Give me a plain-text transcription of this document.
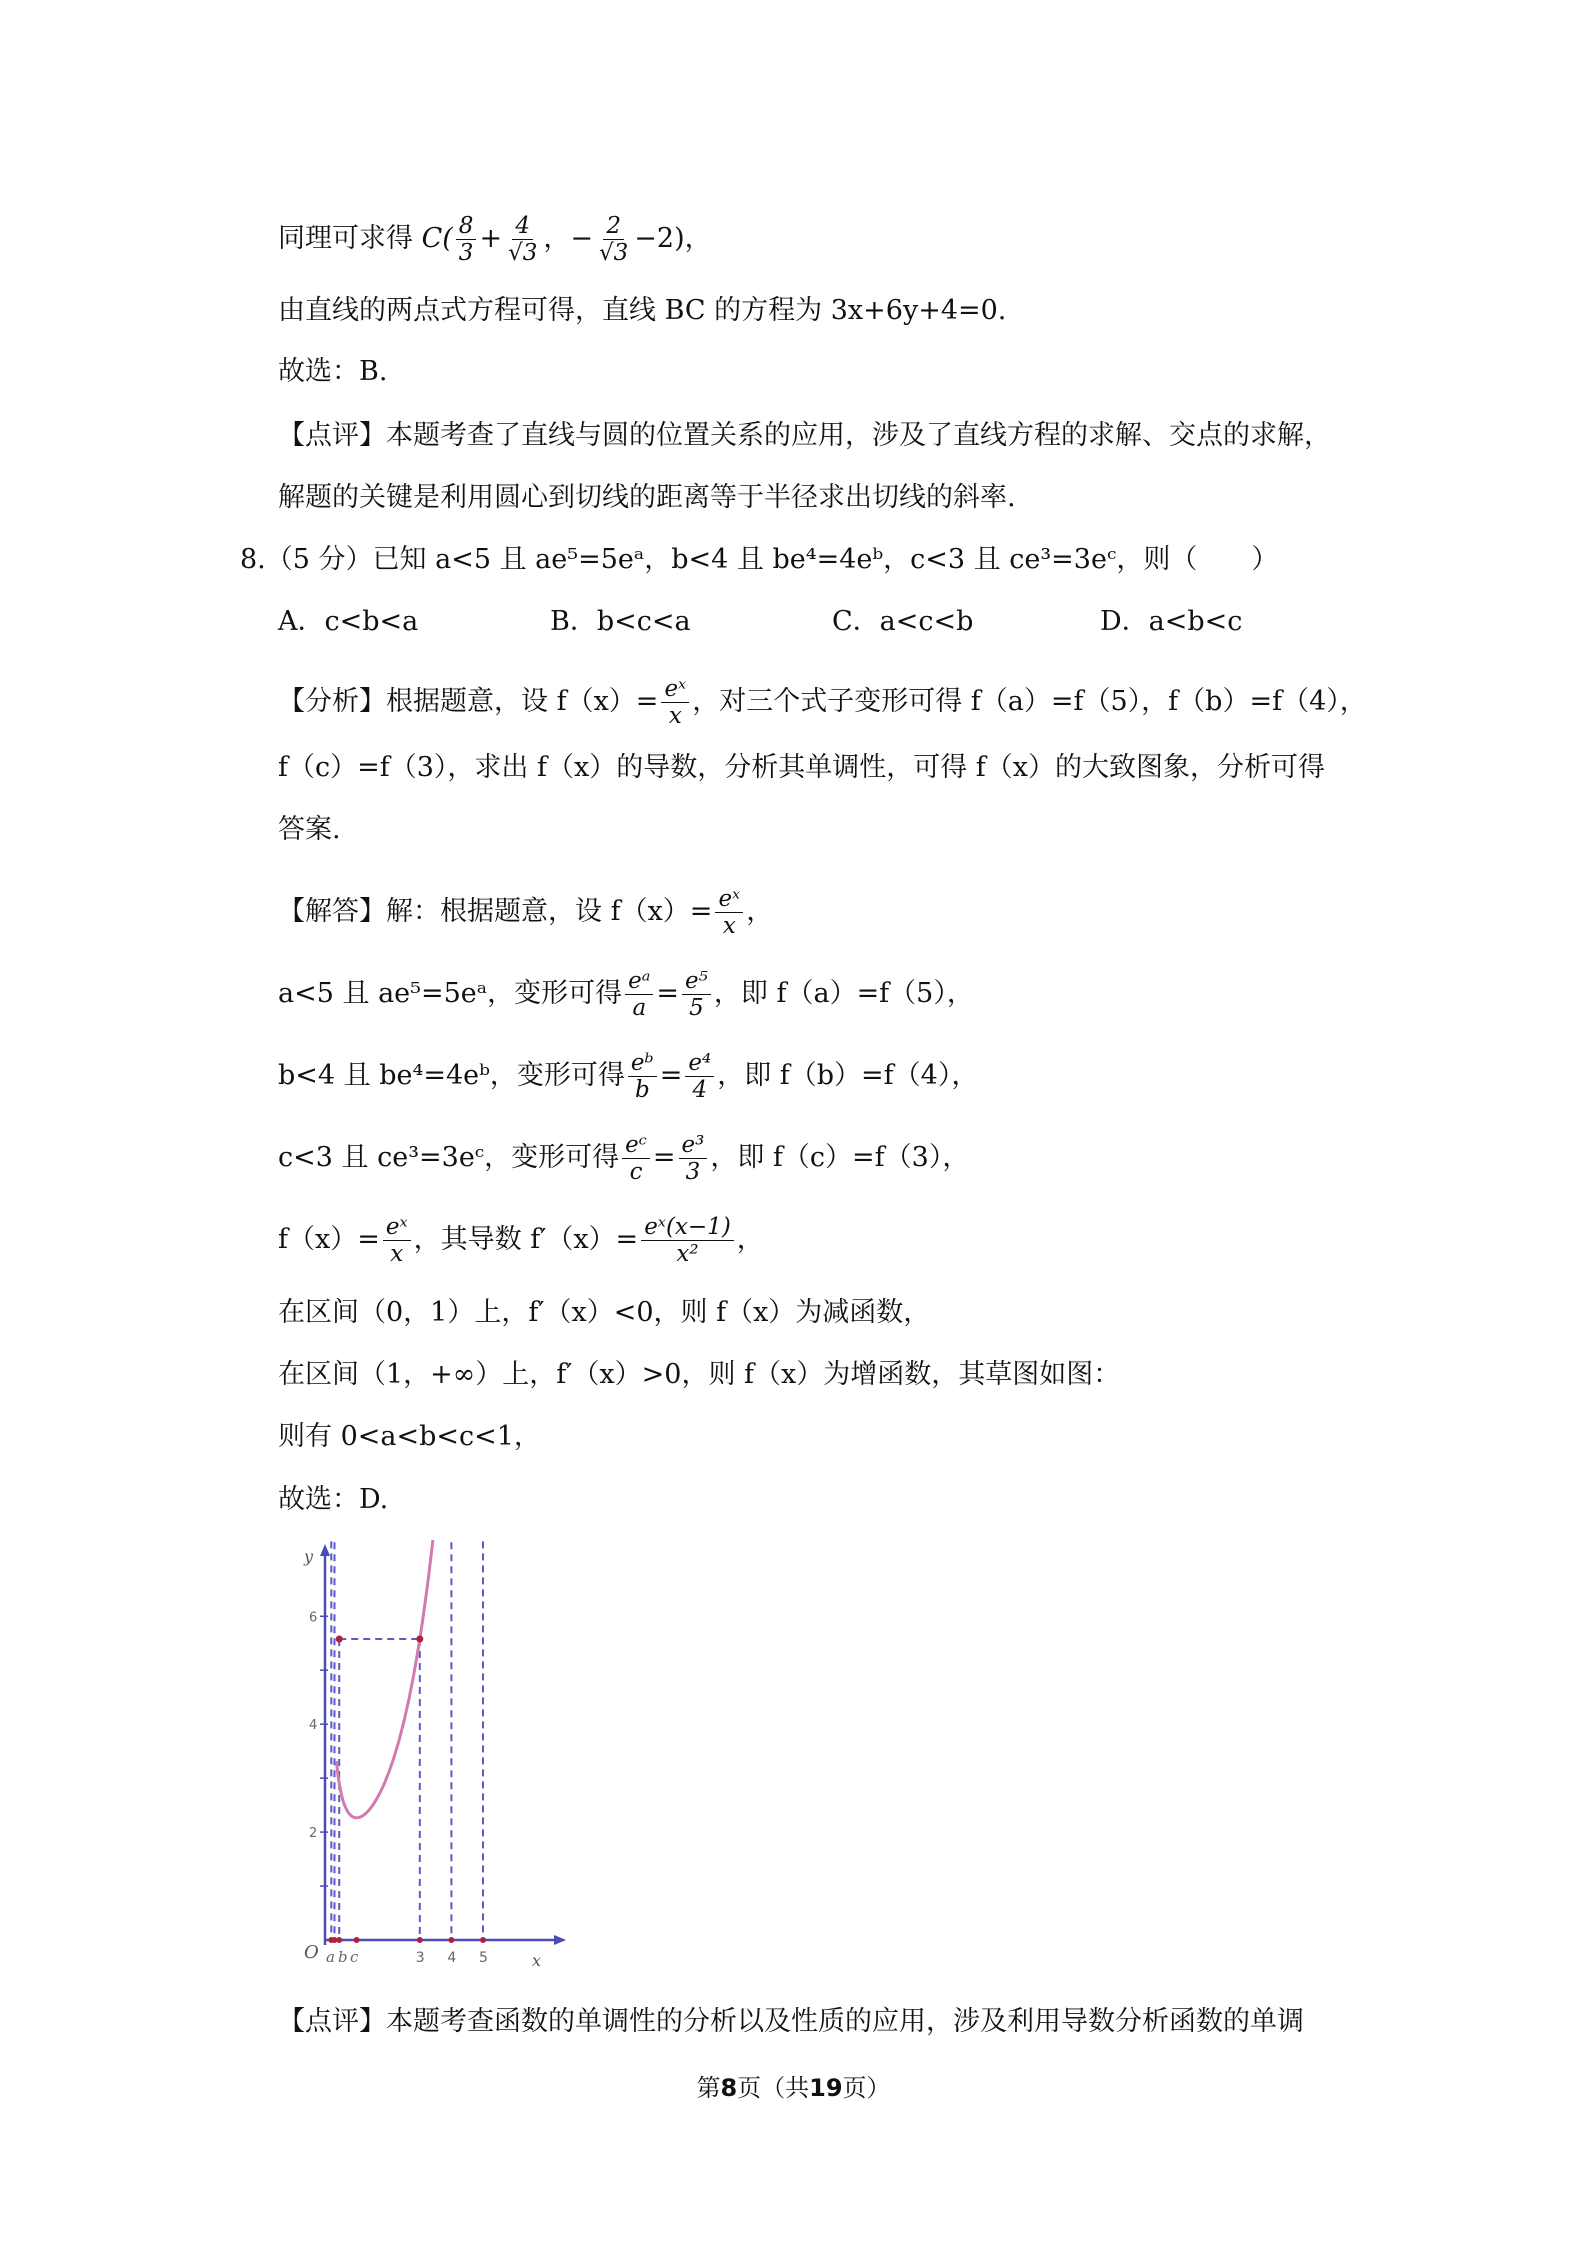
同理可求得 $C( \frac{8}{3} + \frac{4}{√3}$ ，− $\frac{2}{√3} -2$)，
由直线的两点式方程可得，直线 BC 的方程为 3x+6y+4=0.
故选：B.
【点评】本题考查了直线与圆的位置关系的应用，涉及了直线方程的求解、交点的求解，
解题的关键是利用圆心到切线的距离等于半径求出切线的斜率.
8.（5 分）已知 a<5 且 ae⁵=5eᵃ，b<4 且 be⁴=4eᵇ，c<3 且 ce³=3eᶜ，则（　　）
A．c<b<a	B．b<c<a	C．a<c<b	D．a<b<c
【分析】根据题意，设 $f(x)= \frac{\text{eˣ}}{x}$ ，对三个式子变形可得 f（a）=f（5），f（b）=f（4），
f（c）=f（3），求出 f（x）的导数，分析其单调性，可得 f（x）的大致图象，分析可得
答案.
【解答】解：根据题意，设 $f(x)= \frac{\text{eˣ}}{x}$ ，
a<5 且 ae⁵=5eᵃ，变形可得 $\frac{\text{eᵃ}}{a} = \frac{\text{e⁵}}{5}$ ，即 f（a）=f（5），
b<4 且 be⁴=4eᵇ，变形可得 $\frac{\text{eᵇ}}{b} = \frac{\text{e⁴}}{4}$ ，即 f（b）=f（4），
c<3 且 ce³=3eᶜ，变形可得 $\frac{\text{eᶜ}}{c} = \frac{\text{e³}}{3}$ ，即 f（c）=f（3），
$f(x)= \frac{\text{eˣ}}{x}$ ，其导数 $f'(x)= \frac{\text{eˣ(x−1)}}{\text{x²}}$ ，
在区间（0，1）上，f′（x）<0，则 f（x）为减函数，
在区间（1，+∞）上，f′（x）>0，则 f（x）为增函数，其草图如图：
则有 0<a<b<c<1，
故选：D.
2
4
6
3 4 5
a b c
y
x
O
【点评】本题考查函数的单调性的分析以及性质的应用，涉及利用导数分析函数的单调
第8页（共19页）
